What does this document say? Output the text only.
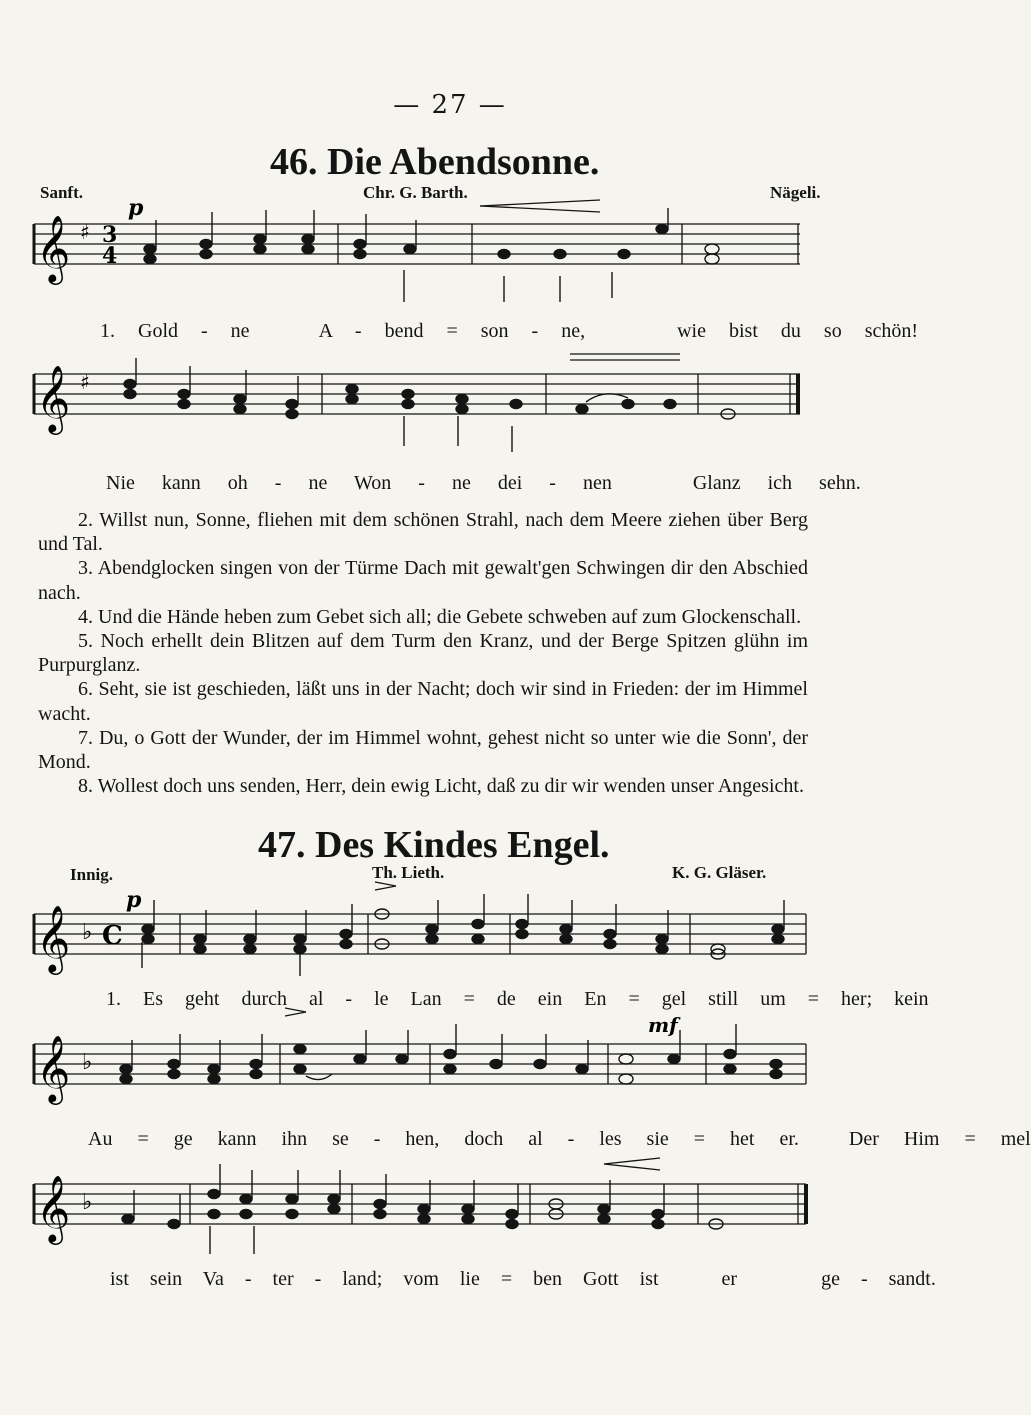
— 27 —
46. Die Abendsonne.
Sanft.	Chr. G. Barth.	Nägeli.
𝄞 ♯ 3
4
p
1. Gold - ne	A - bend = son - ne,	wie bist du so schön!
𝄞 ♯
Nie kann oh - ne Won - ne dei - nen	Glanz ich sehn.

2. Willst nun, Sonne, fliehen mit dem schönen Strahl, nach dem Meere ziehen über Berg und Tal.

3. Abendglocken singen von der Türme Dach mit gewalt'gen Schwingen dir den Abschied nach.

4. Und die Hände heben zum Gebet sich all; die Gebete schweben auf zum Glockenschall.

5. Noch erhellt dein Blitzen auf dem Turm den Kranz, und der Berge Spitzen glühn im Purpurglanz.

6. Seht, sie ist geschieden, läßt uns in der Nacht; doch wir sind in Frieden: der im Himmel wacht.

7. Du, o Gott der Wunder, der im Himmel wohnt, gehest nicht so unter wie die Sonn', der Mond.

8. Wollest doch uns senden, Herr, dein ewig Licht, daß zu dir wir wenden unser Angesicht.

47. Des Kindes Engel.
Innig.	Th. Lieth.	K. G. Gläser.
𝄞 ♭ C
p
1. Es geht durch al - le Lan = de ein En = gel still um = her; kein
𝄞 ♭
mf
Au = ge kann ihn se - hen, doch al - les sie = het er.	Der Him = mel
𝄞 ♭
ist sein Va - ter - land; vom lie = ben Gott ist	er	ge - sandt.
